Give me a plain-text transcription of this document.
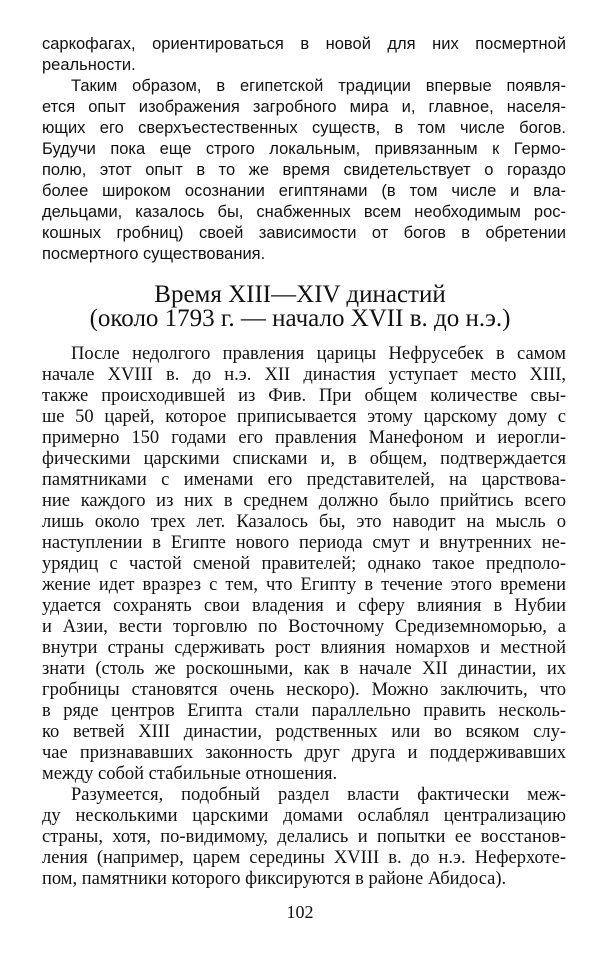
саркофагах, ориентироваться в новой для них посмертной
реальности.
Таким образом, в египетской традиции впервые появля-
ется опыт изображения загробного мира и, главное, населя-
ющих его сверхъестественных существ, в том числе богов.
Будучи пока еще строго локальным, привязанным к Гермо-
полю, этот опыт в то же время свидетельствует о гораздо
более широком осознании египтянами (в том числе и вла-
дельцами, казалось бы, снабженных всем необходимым рос-
кошных гробниц) своей зависимости от богов в обретении
посмертного существования.
Время XIII—XIV династий
(около 1793 г. — начало XVII в. до н.э.)
После недолгого правления царицы Нефрусебек в самом
начале XVIII в. до н.э. XII династия уступает место XIII,
также происходившей из Фив. При общем количестве свы-
ше 50 царей, которое приписывается этому царскому дому с
примерно 150 годами его правления Манефоном и иерогли-
фическими царскими списками и, в общем, подтверждается
памятниками с именами его представителей, на царствова-
ние каждого из них в среднем должно было прийтись всего
лишь около трех лет. Казалось бы, это наводит на мысль о
наступлении в Египте нового периода смут и внутренних не-
урядиц с частой сменой правителей; однако такое предполо-
жение идет вразрез с тем, что Египту в течение этого времени
удается сохранять свои владения и сферу влияния в Нубии
и Азии, вести торговлю по Восточному Средиземноморью, а
внутри страны сдерживать рост влияния номархов и местной
знати (столь же роскошными, как в начале XII династии, их
гробницы становятся очень нескоро). Можно заключить, что
в ряде центров Египта стали параллельно править несколь-
ко ветвей XIII династии, родственных или во всяком слу-
чае признававших законность друг друга и поддерживавших
между собой стабильные отношения.
Разумеется, подобный раздел власти фактически меж-
ду несколькими царскими домами ослаблял централизацию
страны, хотя, по-видимому, делались и попытки ее восстанов-
ления (например, царем середины XVIII в. до н.э. Неферхоте-
пом, памятники которого фиксируются в районе Абидоса).
102
